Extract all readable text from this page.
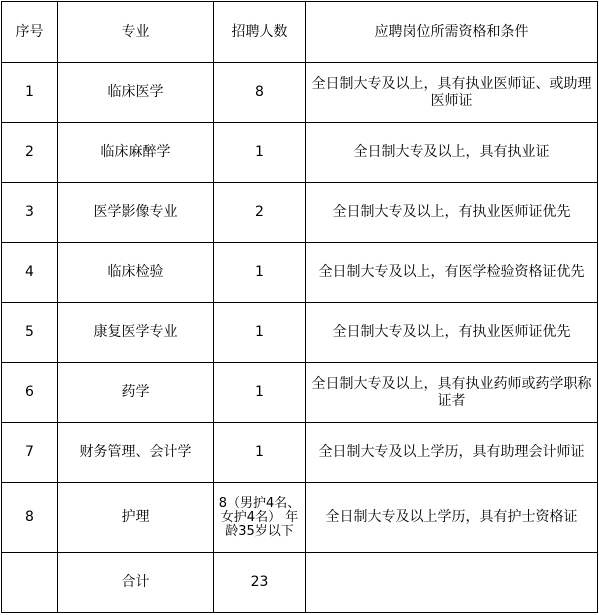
序号	专业	招聘人数	应聘岗位所需资格和条件
1	临床医学	8	全日制大专及以上，具有执业医师证、或助理医师证
2	临床麻醉学	1	全日制大专及以上，具有执业证
3	医学影像专业	2	全日制大专及以上，有执业医师证优先
4	临床检验	1	全日制大专及以上，有医学检验资格证优先
5	康复医学专业	1	全日制大专及以上，有执业医师证优先
6	药学	1	全日制大专及以上，具有执业药师或药学职称证者
7	财务管理、会计学	1	全日制大专及以上学历，具有助理会计师证
8	护理	8（男护4名、女护4名） 年龄35岁以下	全日制大专及以上学历，具有护士资格证
	合计	23	
